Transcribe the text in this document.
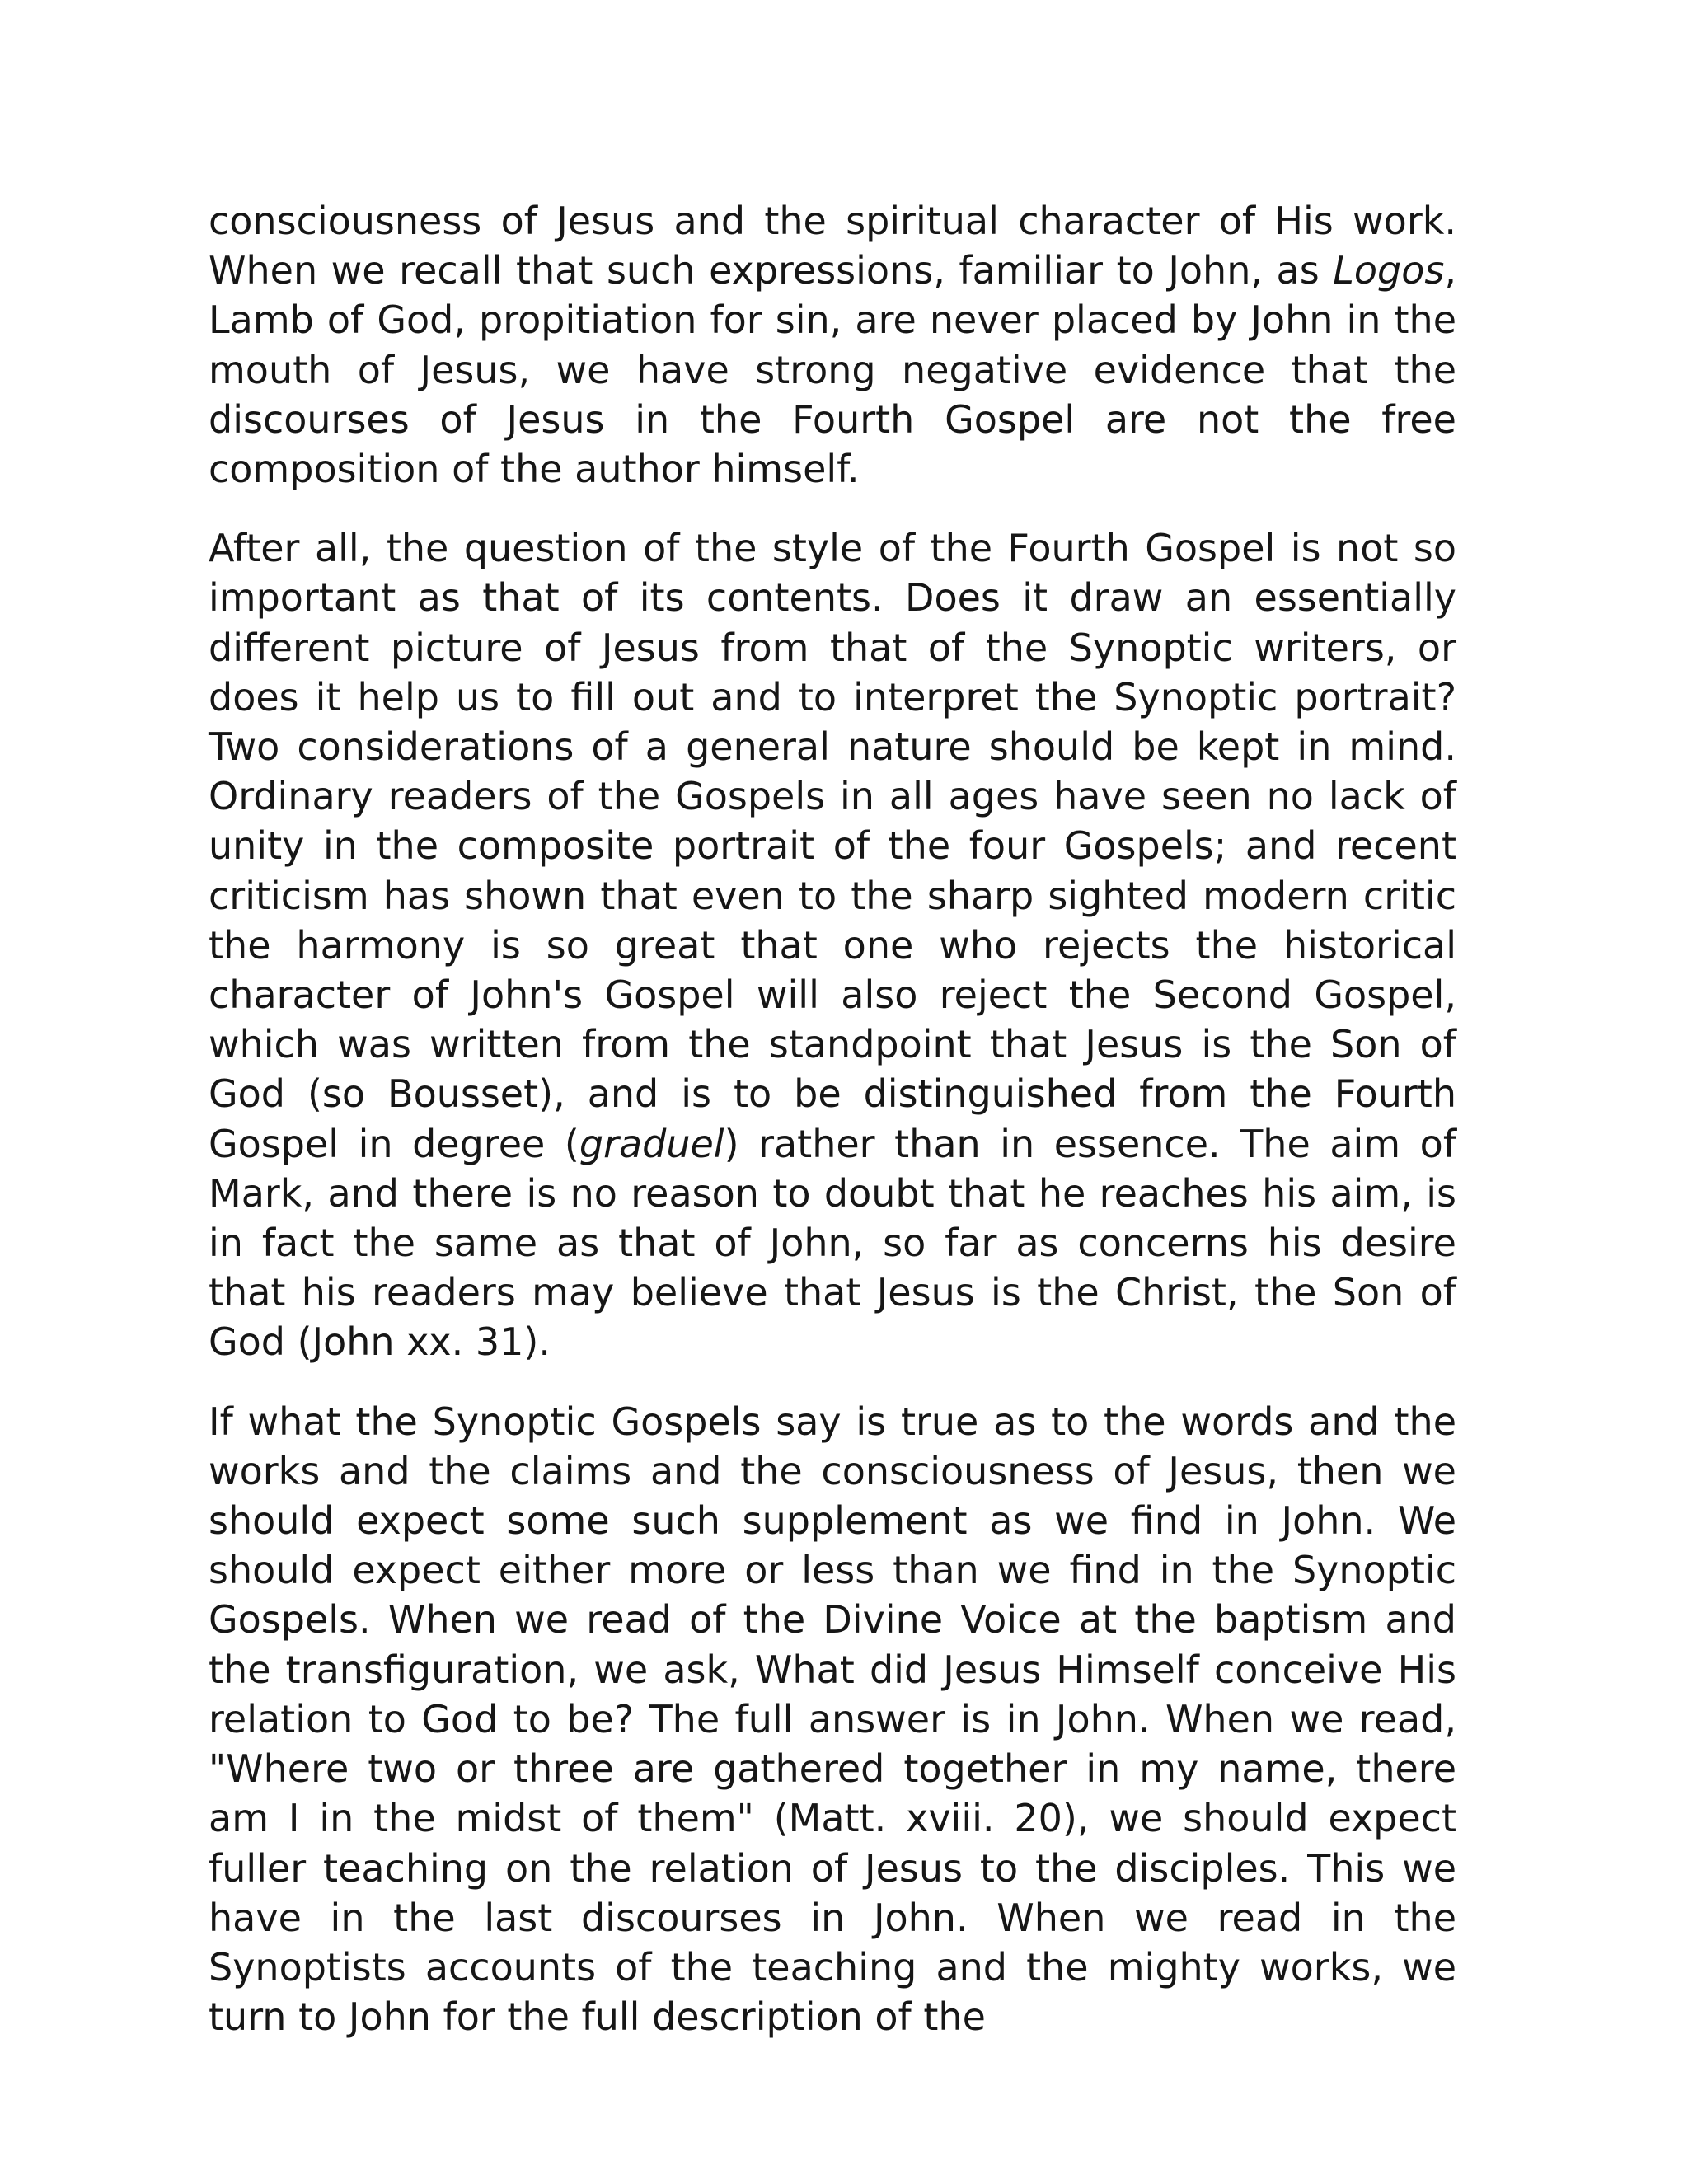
consciousness of Jesus and the spiritual character of His work. When we recall that such expressions, familiar to John, as Logos, Lamb of God, propitiation for sin, are never placed by John in the mouth of Jesus, we have strong negative evidence that the discourses of Jesus in the Fourth Gospel are not the free composition of the author himself.

After all, the question of the style of the Fourth Gospel is not so important as that of its contents. Does it draw an essentially different picture of Jesus from that of the Synoptic writers, or does it help us to fill out and to interpret the Synoptic portrait? Two considerations of a general nature should be kept in mind. Ordinary readers of the Gospels in all ages have seen no lack of unity in the composite portrait of the four Gospels; and recent criticism has shown that even to the sharp sighted modern critic the harmony is so great that one who rejects the historical character of John's Gospel will also reject the Second Gospel, which was written from the standpoint that Jesus is the Son of God (so Bousset), and is to be distinguished from the Fourth Gospel in degree (graduel) rather than in essence. The aim of Mark, and there is no reason to doubt that he reaches his aim, is in fact the same as that of John, so far as concerns his desire that his readers may believe that Jesus is the Christ, the Son of God (John xx. 31).

If what the Synoptic Gospels say is true as to the words and the works and the claims and the consciousness of Jesus, then we should expect some such supplement as we find in John. We should expect either more or less than we find in the Synoptic Gospels. When we read of the Divine Voice at the baptism and the transfiguration, we ask, What did Jesus Himself conceive His relation to God to be? The full answer is in John. When we read, "Where two or three are gathered together in my name, there am I in the midst of them" (Matt. xviii. 20), we should expect fuller teaching on the relation of Jesus to the disciples. This we have in the last discourses in John. When we read in the Synoptists accounts of the teaching and the mighty works, we turn to John for the full description of the
